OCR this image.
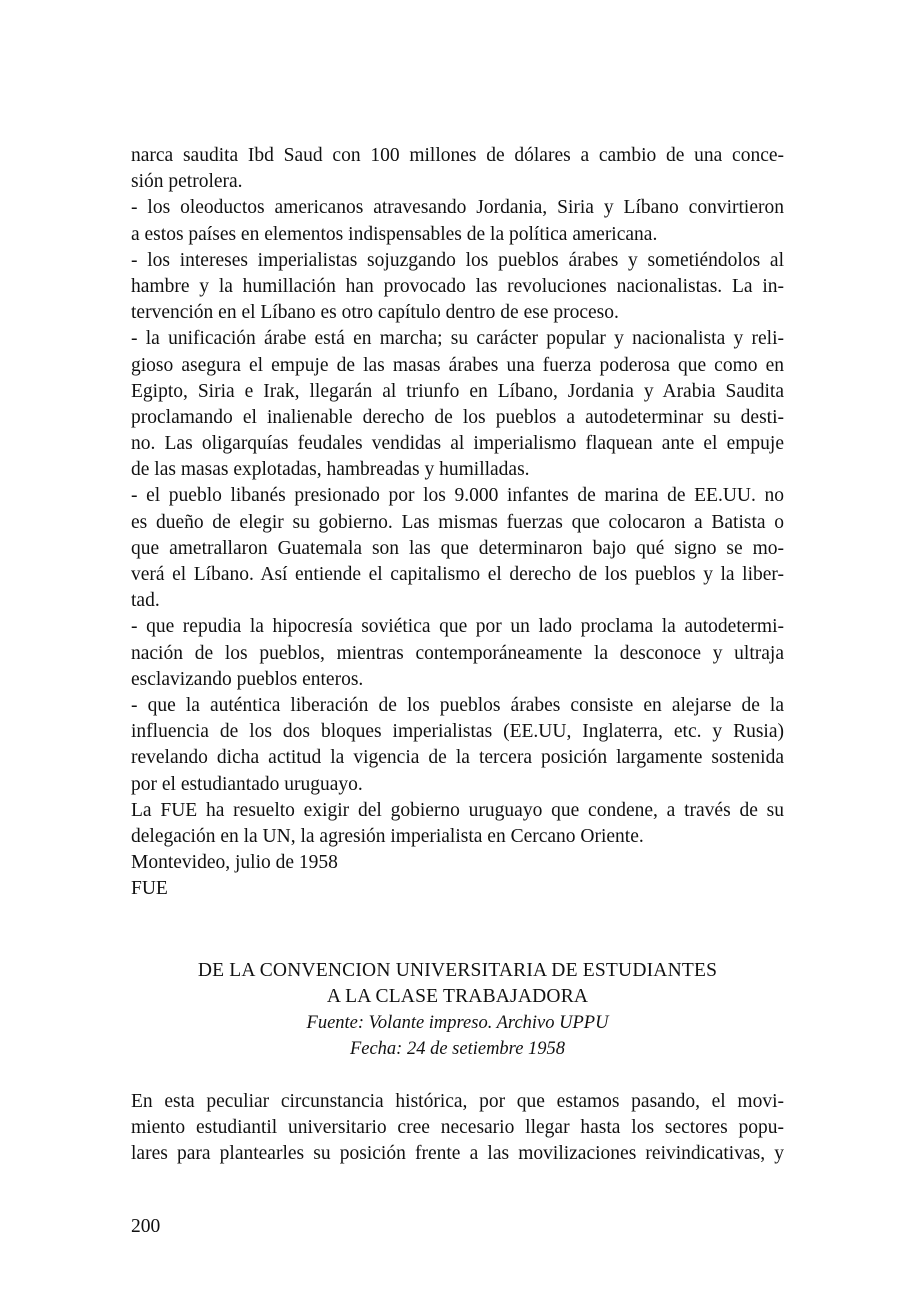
narca saudita Ibd Saud con 100 millones de dólares a cambio de una conce-
sión petrolera.
- los oleoductos americanos atravesando Jordania, Siria y Líbano convirtieron
a estos países en elementos indispensables de la política americana.
- los intereses imperialistas sojuzgando los pueblos árabes y sometiéndolos al
hambre y la humillación han provocado las revoluciones nacionalistas. La in-
tervención en el Líbano es otro capítulo dentro de ese proceso.
- la unificación árabe está en marcha; su carácter popular y nacionalista y reli-
gioso asegura el empuje de las masas árabes una fuerza poderosa que como en
Egipto, Siria e Irak, llegarán al triunfo en Líbano, Jordania y Arabia Saudita
proclamando el inalienable derecho de los pueblos a autodeterminar su desti-
no. Las oligarquías feudales vendidas al imperialismo flaquean ante el empuje
de las masas explotadas, hambreadas y humilladas.
- el pueblo libanés presionado por los 9.000 infantes de marina de EE.UU. no
es dueño de elegir su gobierno. Las mismas fuerzas que colocaron a Batista o
que ametrallaron Guatemala son las que determinaron bajo qué signo se mo-
verá el Líbano. Así entiende el capitalismo el derecho de los pueblos y la liber-
tad.
- que repudia la hipocresía soviética que por un lado proclama la autodetermi-
nación de los pueblos, mientras contemporáneamente la desconoce y ultraja
esclavizando pueblos enteros.
- que la auténtica liberación de los pueblos árabes consiste en alejarse de la
influencia de los dos bloques imperialistas (EE.UU, Inglaterra, etc. y Rusia)
revelando dicha actitud la vigencia de la tercera posición largamente sostenida
por el estudiantado uruguayo.
La FUE ha resuelto exigir del gobierno uruguayo que condene, a través de su
delegación en la UN, la agresión imperialista en Cercano Oriente.
Montevideo, julio de 1958
FUE
DE LA CONVENCION UNIVERSITARIA DE ESTUDIANTES
A LA CLASE TRABAJADORA
Fuente: Volante impreso. Archivo UPPU
Fecha: 24 de setiembre 1958
En esta peculiar circunstancia histórica, por que estamos pasando, el movi-
miento estudiantil universitario cree necesario llegar hasta los sectores popu-
lares para plantearles su posición frente a las movilizaciones reivindicativas, y
200
